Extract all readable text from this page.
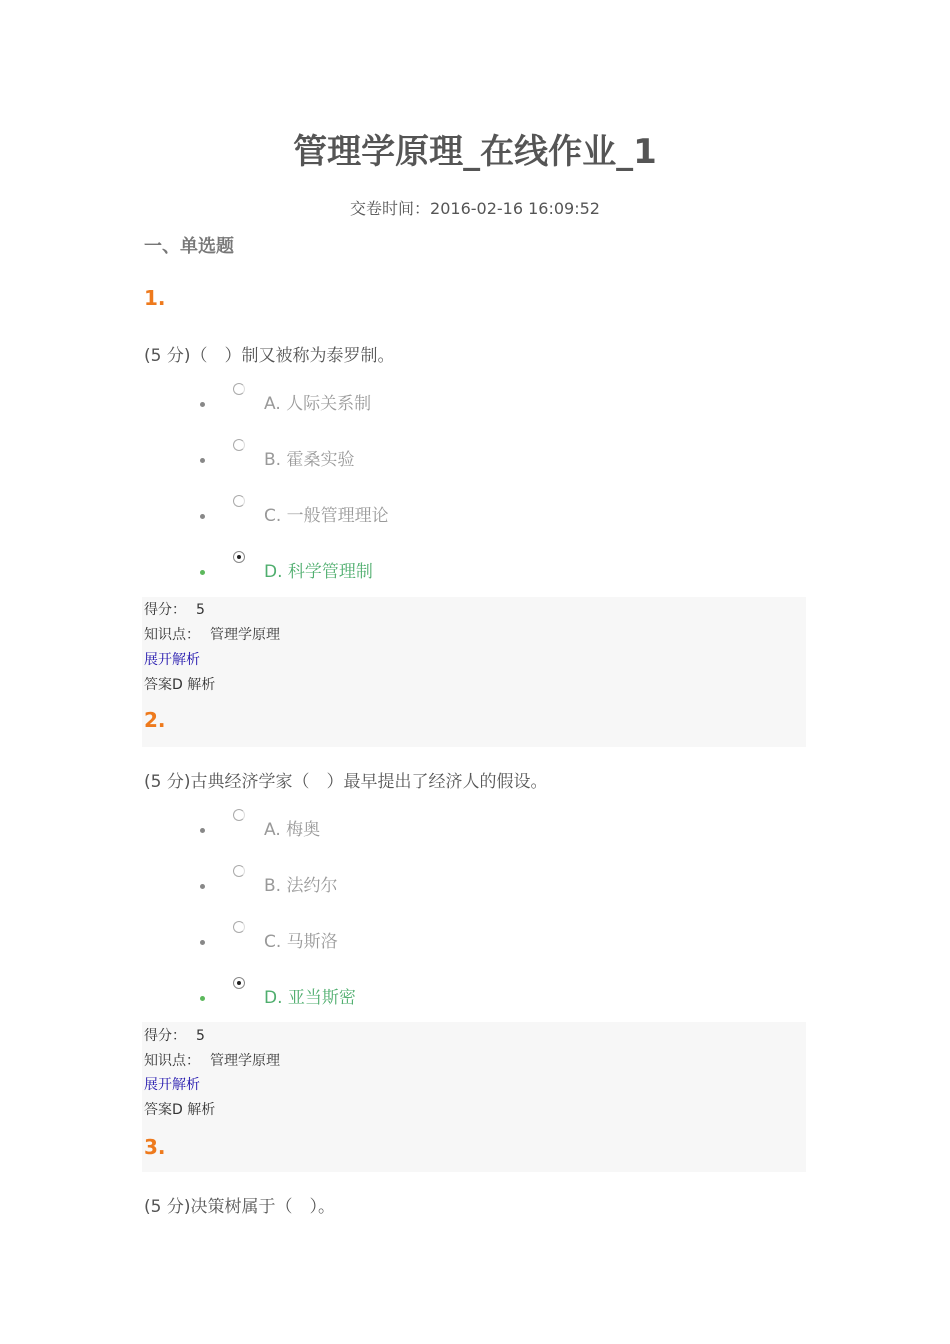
管理学原理_在线作业_1
交卷时间：2016-02-16 16:09:52
一、单选题
1.
(5 分)（　）制又被称为泰罗制。
A. 人际关系制
B. 霍桑实验
C. 一般管理理论
D. 科学管理制
得分： 5
知识点： 管理学原理
展开解析
答案D 解析
2.
(5 分)古典经济学家（　）最早提出了经济人的假设。
A. 梅奥
B. 法约尔
C. 马斯洛
D. 亚当斯密
得分： 5
知识点： 管理学原理
展开解析
答案D 解析
3.
(5 分)决策树属于（　）。
